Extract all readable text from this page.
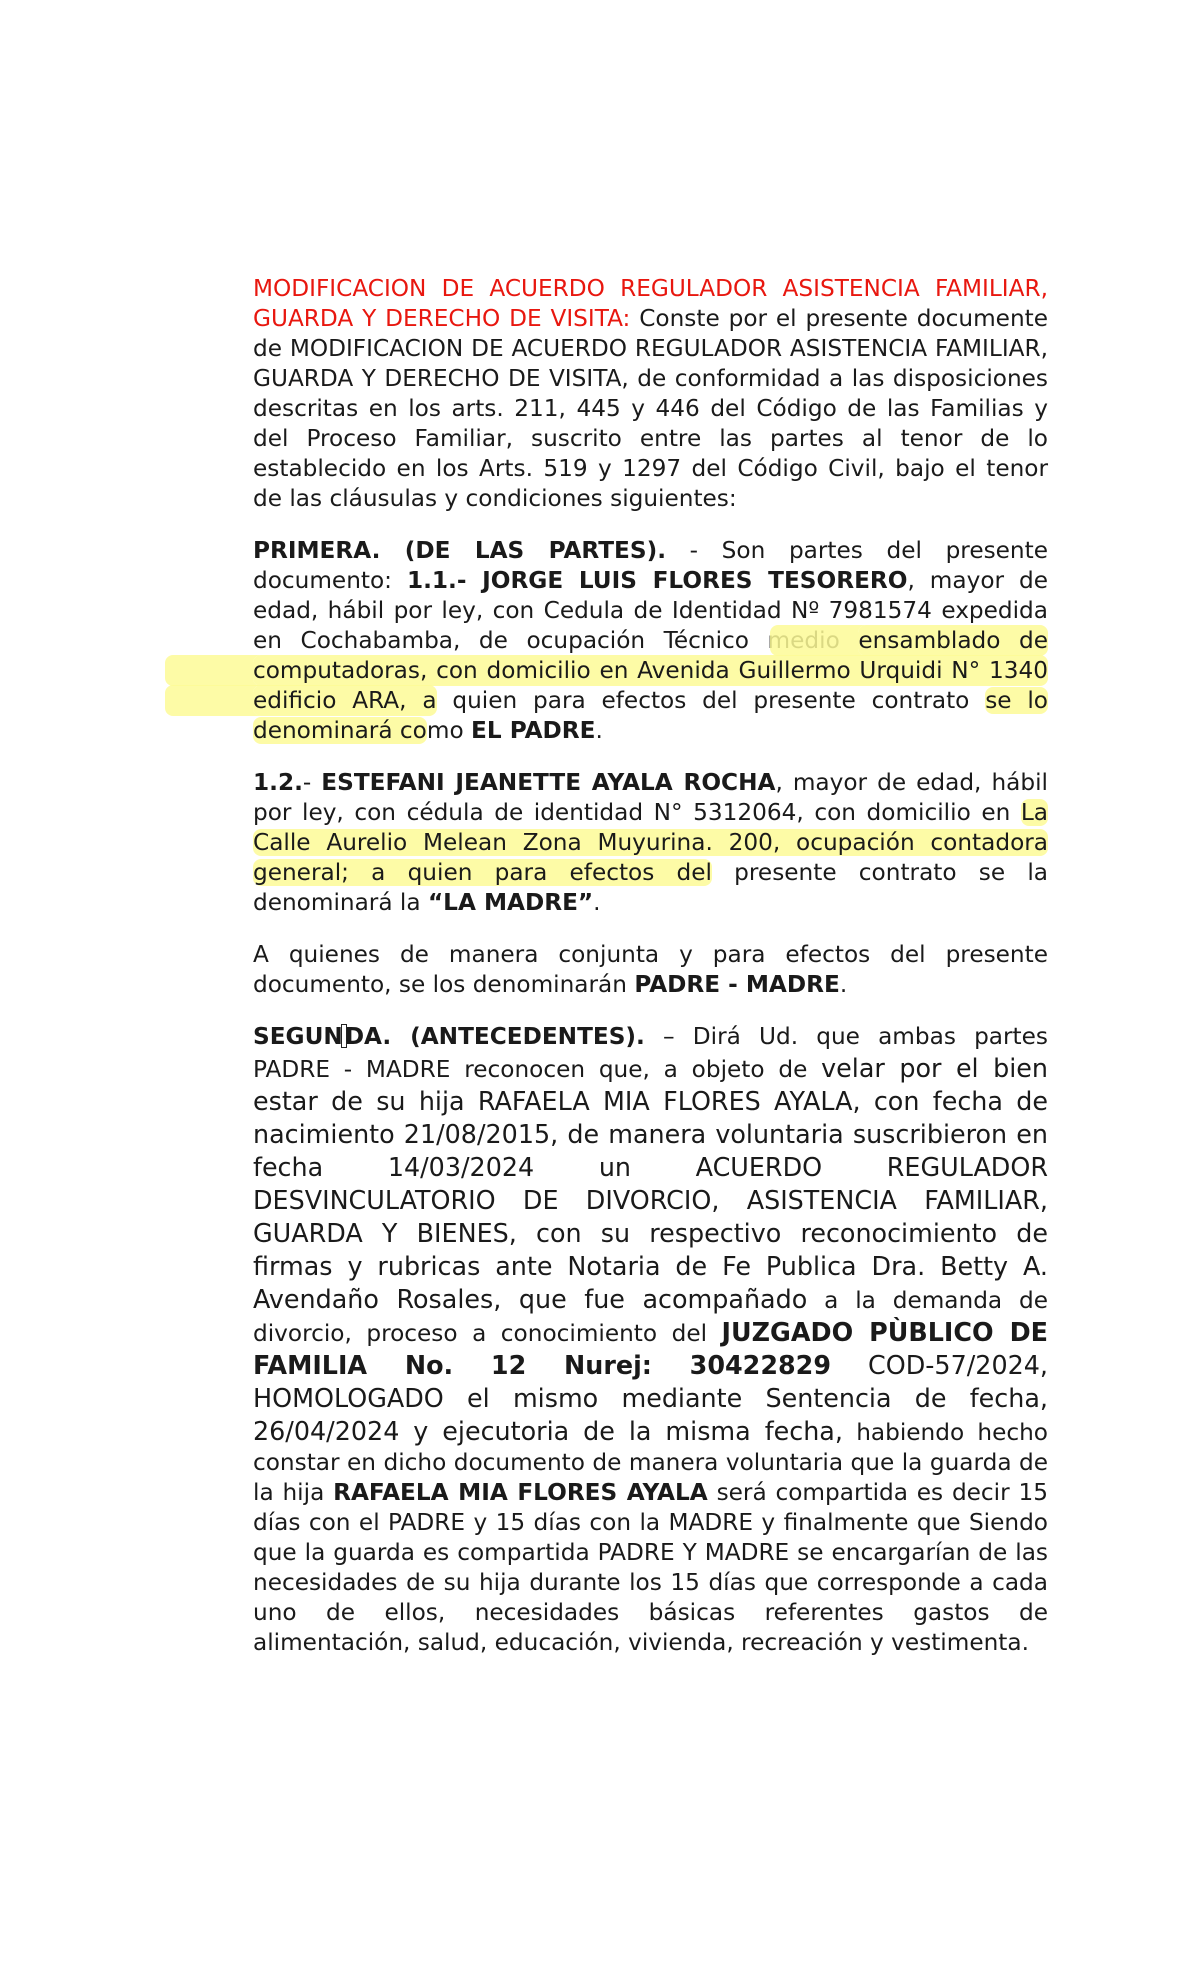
MODIFICACION DE ACUERDO REGULADOR ASISTENCIA FAMILIAR, GUARDA Y DERECHO DE VISITA: Conste por el presente documente de MODIFICACION DE ACUERDO REGULADOR ASISTENCIA FAMILIAR, GUARDA Y DERECHO DE VISITA, de conformidad a las disposiciones descritas en los arts. 211, 445 y 446 del Código de las Familias y del Proceso Familiar, suscrito entre las partes al tenor de lo establecido en los Arts. 519 y 1297 del Código Civil, bajo el tenor de las cláusulas y condiciones siguientes:

PRIMERA. (DE LAS PARTES). - Son partes del presente documento: 1.1.- JORGE LUIS FLORES TESORERO, mayor de edad, hábil por ley, con Cedula de Identidad Nº 7981574 expedida en Cochabamba, de ocupación Técnico medio ensamblado de computadoras, con domicilio en Avenida Guillermo Urquidi N° 1340 edificio ARA, a quien para efectos del presente contrato se lo denominará como EL PADRE.

1.2.- ESTEFANI JEANETTE AYALA ROCHA, mayor de edad, hábil por ley, con cédula de identidad N° 5312064, con domicilio en La Calle Aurelio Melean Zona Muyurina. 200, ocupación contadora general; a quien para efectos del presente contrato se la denominará la “LA MADRE”.

A quienes de manera conjunta y para efectos del presente documento, se los denominarán PADRE - MADRE.

SEGUNDA. (ANTECEDENTES). – Dirá Ud. que ambas partes PADRE - MADRE reconocen que, a objeto de velar por el bien estar de su hija RAFAELA MIA FLORES AYALA, con fecha de nacimiento 21/08/2015, de manera voluntaria suscribieron en fecha 14/03/2024 un ACUERDO REGULADOR DESVINCULATORIO DE DIVORCIO, ASISTENCIA FAMILIAR, GUARDA Y BIENES, con su respectivo reconocimiento de firmas y rubricas ante Notaria de Fe Publica Dra. Betty A. Avendaño Rosales, que fue acompañado a la demanda de divorcio, proceso a conocimiento del JUZGADO PÙBLICO DE FAMILIA No. 12 Nurej: 30422829 COD-57/2024, HOMOLOGADO el mismo mediante Sentencia de fecha, 26/04/2024 y ejecutoria de la misma fecha, habiendo hecho constar en dicho documento de manera voluntaria que la guarda de la hija RAFAELA MIA FLORES AYALA será compartida es decir 15 días con el PADRE y 15 días con la MADRE y finalmente que Siendo que la guarda es compartida PADRE Y MADRE se encargarían de las necesidades de su hija durante los 15 días que corresponde a cada uno de ellos, necesidades básicas referentes gastos de alimentación, salud, educación, vivienda, recreación y vestimenta.
